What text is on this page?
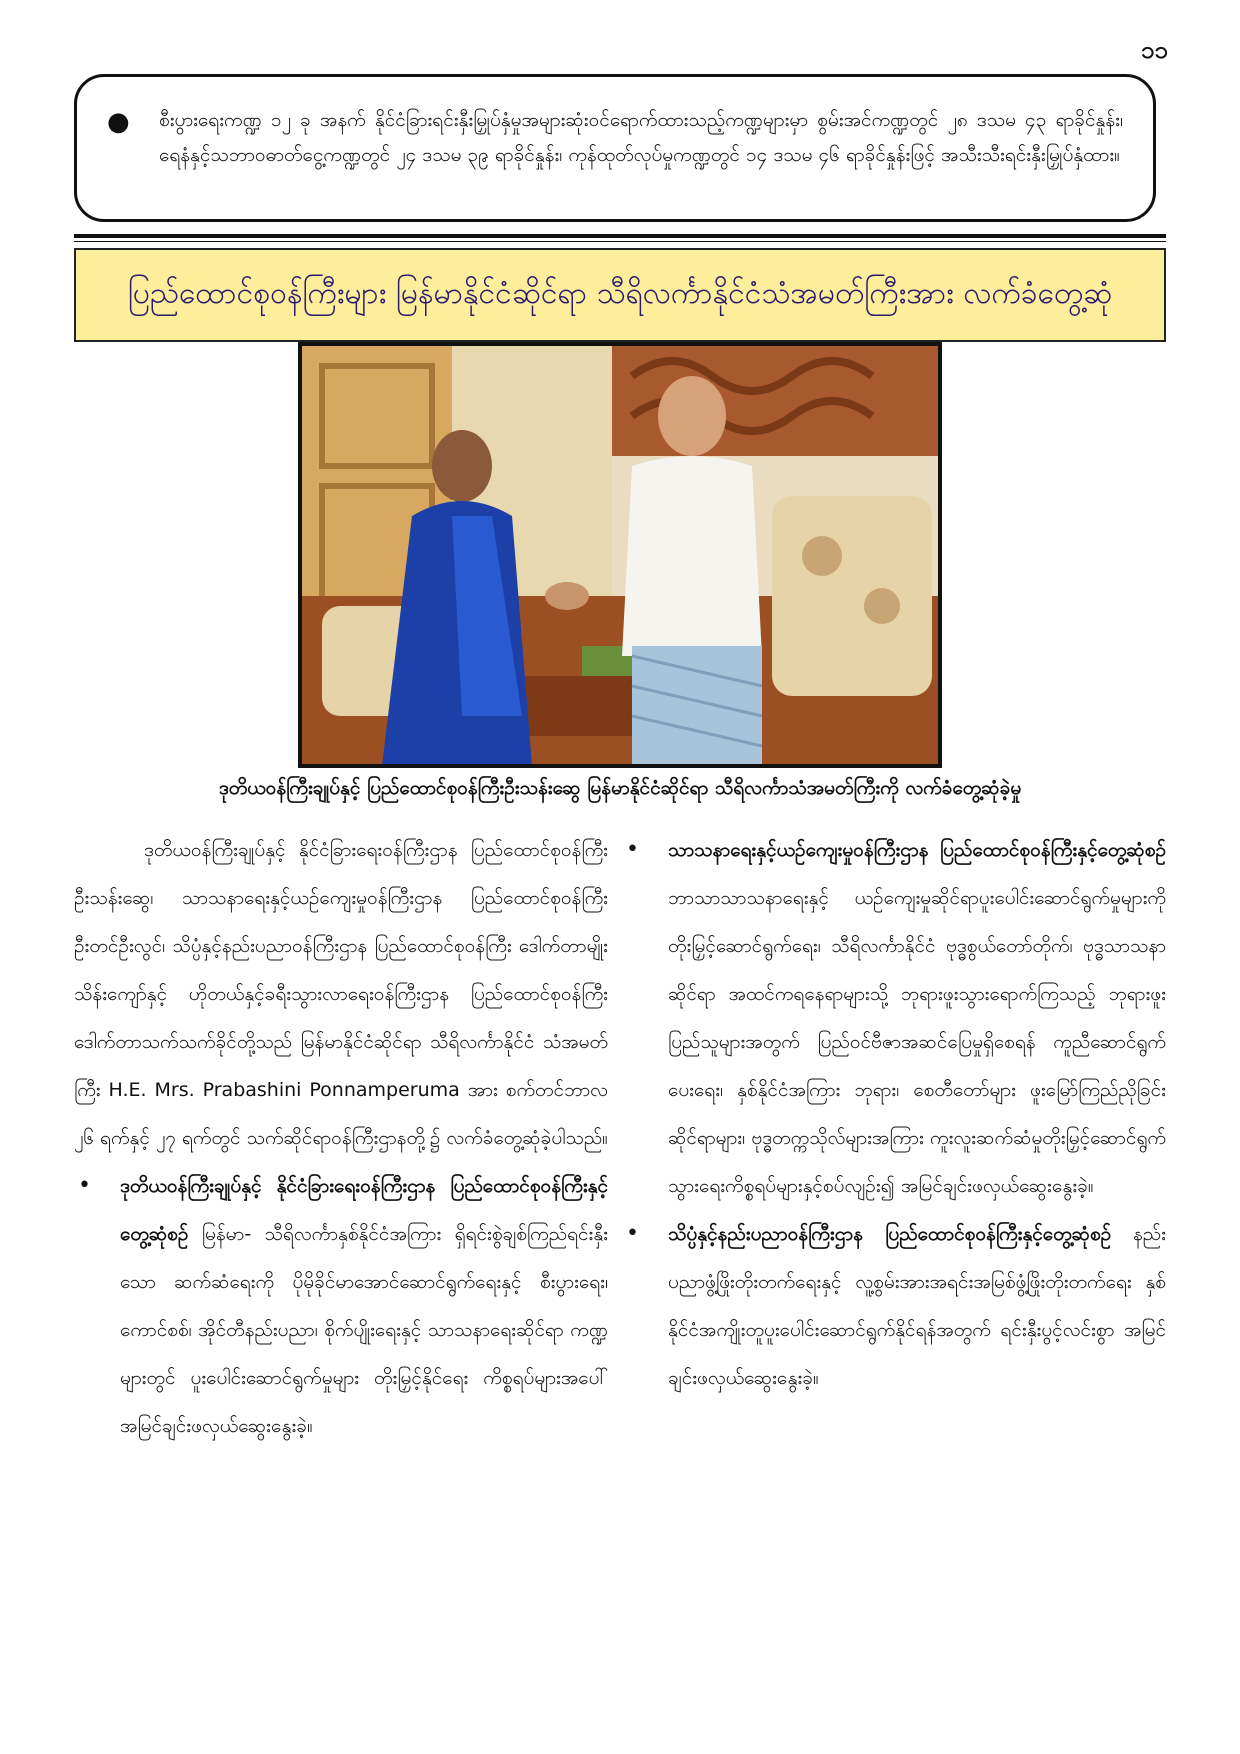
၁၁
● စီးပွားရေးကဏ္ဍ ၁၂ ခု အနက် နိုင်ငံခြားရင်းနှီးမြှုပ်နှံမှုအများဆုံးဝင်ရောက်ထားသည့်ကဏ္ဍများမှာ စွမ်းအင်ကဏ္ဍတွင် ၂၈ ဒသမ ၄၃ ရာခိုင်နှုန်း၊ ရေနံနှင့်သဘာဝဓာတ်ငွေ့ကဏ္ဍတွင် ၂၄ ဒသမ ၃၉ ရာခိုင်နှုန်း၊ ကုန်ထုတ်လုပ်မှုကဏ္ဍတွင် ၁၄ ဒသမ ၄၆ ရာခိုင်နှုန်းဖြင့် အသီးသီးရင်းနှီးမြှုပ်နှံထား။

ပြည်ထောင်စုဝန်ကြီးများ မြန်မာနိုင်ငံဆိုင်ရာ သီရိလင်္ကာနိုင်ငံသံအမတ်ကြီးအား လက်ခံတွေ့ဆုံ

ဒုတိယဝန်ကြီးချုပ်နှင့် ပြည်ထောင်စုဝန်ကြီးဦးသန်းဆွေ မြန်မာနိုင်ငံဆိုင်ရာ သီရိလင်္ကာသံအမတ်ကြီးကို လက်ခံတွေ့ဆုံခဲ့မှု

ဒုတိယဝန်ကြီးချုပ်နှင့် နိုင်ငံခြားရေးဝန်ကြီးဌာန ပြည်ထောင်စုဝန်ကြီး ဦးသန်းဆွေ၊ သာသနာရေးနှင့်ယဉ်ကျေးမှုဝန်ကြီးဌာန ပြည်ထောင်စုဝန်ကြီး ဦးတင်ဦးလွင်၊ သိပ္ပံနှင့်နည်းပညာဝန်ကြီးဌာန ပြည်ထောင်စုဝန်ကြီး ဒေါက်တာမျိုးသိန်းကျော်နှင့် ဟိုတယ်နှင့်ခရီးသွားလာရေးဝန်ကြီးဌာန ပြည်ထောင်စုဝန်ကြီး ဒေါက်တာသက်သက်ခိုင်တို့သည် မြန်မာနိုင်ငံဆိုင်ရာ သီရိလင်္ကာနိုင်ငံ သံအမတ်ကြီး H.E. Mrs. Prabashini Ponnamperuma အား စက်တင်ဘာလ ၂၆ ရက်နှင့် ၂၇ ရက်တွင် သက်ဆိုင်ရာဝန်ကြီးဌာနတို့၌ လက်ခံတွေ့ဆုံခဲ့ပါသည်။

• ဒုတိယဝန်ကြီးချုပ်နှင့် နိုင်ငံခြားရေးဝန်ကြီးဌာန ပြည်ထောင်စုဝန်ကြီးနှင့်တွေ့ဆုံစဉ် မြန်မာ- သီရိလင်္ကာနှစ်နိုင်ငံအကြား ရှိရင်းစွဲချစ်ကြည်ရင်းနှီးသော ဆက်ဆံရေးကို ပိုမိုခိုင်မာအောင်ဆောင်ရွက်ရေးနှင့် စီးပွားရေး၊ ကောင်စစ်၊ အိုင်တီနည်းပညာ၊ စိုက်ပျိုးရေးနှင့် သာသနာရေးဆိုင်ရာ ကဏ္ဍများတွင် ပူးပေါင်းဆောင်ရွက်မှုများ တိုးမြှင့်နိုင်ရေး ကိစ္စရပ်များအပေါ် အမြင်ချင်းဖလှယ်ဆွေးနွေးခဲ့။

• သာသနာရေးနှင့်ယဉ်ကျေးမှုဝန်ကြီးဌာန ပြည်ထောင်စုဝန်ကြီးနှင့်တွေ့ဆုံစဉ် ဘာသာသာသနာရေးနှင့် ယဉ်ကျေးမှုဆိုင်ရာပူးပေါင်းဆောင်ရွက်မှုများကို တိုးမြှင့်ဆောင်ရွက်ရေး၊ သီရိလင်္ကာနိုင်ငံ ဗုဒ္ဓစွယ်တော်တိုက်၊ ဗုဒ္ဓသာသနာဆိုင်ရာ အထင်ကရနေရာများသို့ ဘုရားဖူးသွားရောက်ကြသည့် ဘုရားဖူးပြည်သူများအတွက် ပြည်ဝင်ဗီဇာအဆင်ပြေမှုရှိစေရန် ကူညီဆောင်ရွက်ပေးရေး၊ နှစ်နိုင်ငံအကြား ဘုရား၊ စေတီတော်များ ဖူးမြော်ကြည်ညိုခြင်းဆိုင်ရာများ၊ ဗုဒ္ဓတက္ကသိုလ်များအကြား ကူးလူးဆက်ဆံမှုတိုးမြှင့်ဆောင်ရွက်သွားရေးကိစ္စရပ်များနှင့်စပ်လျဉ်း၍ အမြင်ချင်းဖလှယ်ဆွေးနွေးခဲ့။

• သိပ္ပံနှင့်နည်းပညာဝန်ကြီးဌာန ပြည်ထောင်စုဝန်ကြီးနှင့်တွေ့ဆုံစဉ် နည်းပညာဖွံ့ဖြိုးတိုးတက်ရေးနှင့် လူ့စွမ်းအားအရင်းအမြစ်ဖွံ့ဖြိုးတိုးတက်ရေး နှစ်နိုင်ငံအကျိုးတူပူးပေါင်းဆောင်ရွက်နိုင်ရန်အတွက် ရင်းနှီးပွင့်လင်းစွာ အမြင်ချင်းဖလှယ်ဆွေးနွေးခဲ့။
